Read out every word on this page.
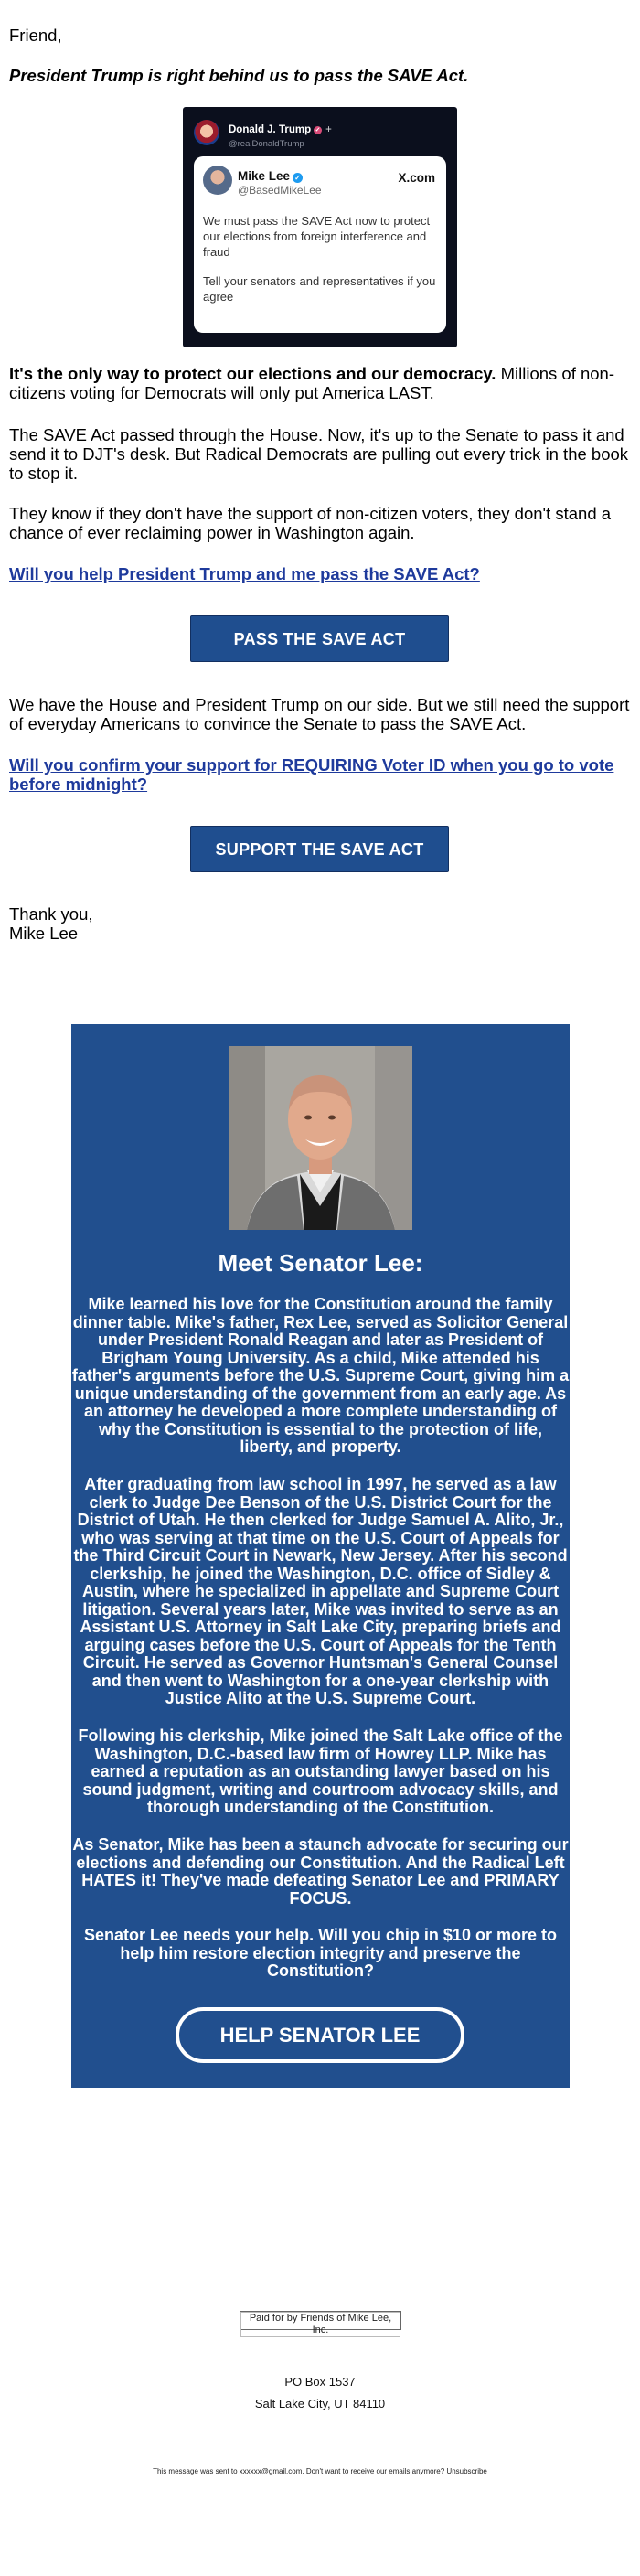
Friend,

President Trump is right behind us to pass the SAVE Act.

Donald J. Trump ✓ +
@realDonaldTrump
Mike Lee ✓
@BasedMikeLee
X.com

We must pass the SAVE Act now to protect our elections from foreign interference and fraud

Tell your senators and representatives if you agree

It's the only way to protect our elections and our democracy. Millions of non-citizens voting for Democrats will only put America LAST.

The SAVE Act passed through the House. Now, it's up to the Senate to pass it and send it to DJT's desk. But Radical Democrats are pulling out every trick in the book to stop it.

They know if they don't have the support of non-citizen voters, they don't stand a chance of ever reclaiming power in Washington again.

Will you help President Trump and me pass the SAVE Act?

PASS THE SAVE ACT

We have the House and President Trump on our side. But we still need the support of everyday Americans to convince the Senate to pass the SAVE Act.

Will you confirm your support for REQUIRING Voter ID when you go to vote before midnight?

SUPPORT THE SAVE ACT

Thank you,
Mike Lee

Meet Senator Lee:

Mike learned his love for the Constitution around the family dinner table. Mike's father, Rex Lee, served as Solicitor General under President Ronald Reagan and later as President of Brigham Young University. As a child, Mike attended his father's arguments before the U.S. Supreme Court, giving him a unique understanding of the government from an early age. As an attorney he developed a more complete understanding of why the Constitution is essential to the protection of life, liberty, and property.

After graduating from law school in 1997, he served as a law clerk to Judge Dee Benson of the U.S. District Court for the District of Utah. He then clerked for Judge Samuel A. Alito, Jr., who was serving at that time on the U.S. Court of Appeals for the Third Circuit Court in Newark, New Jersey. After his second clerkship, he joined the Washington, D.C. office of Sidley & Austin, where he specialized in appellate and Supreme Court litigation. Several years later, Mike was invited to serve as an Assistant U.S. Attorney in Salt Lake City, preparing briefs and arguing cases before the U.S. Court of Appeals for the Tenth Circuit. He served as Governor Huntsman's General Counsel and then went to Washington for a one-year clerkship with Justice Alito at the U.S. Supreme Court.

Following his clerkship, Mike joined the Salt Lake office of the Washington, D.C.-based law firm of Howrey LLP. Mike has earned a reputation as an outstanding lawyer based on his sound judgment, writing and courtroom advocacy skills, and thorough understanding of the Constitution.

As Senator, Mike has been a staunch advocate for securing our elections and defending our Constitution. And the Radical Left HATES it! They've made defeating Senator Lee and PRIMARY FOCUS.

Senator Lee needs your help. Will you chip in $10 or more to help him restore election integrity and preserve the Constitution?

HELP SENATOR LEE
Paid for by Friends of Mike Lee, Inc.
PO Box 1537
Salt Lake City, UT 84110
This message was sent to xxxxxx@gmail.com. Don't want to receive our emails anymore? Unsubscribe
